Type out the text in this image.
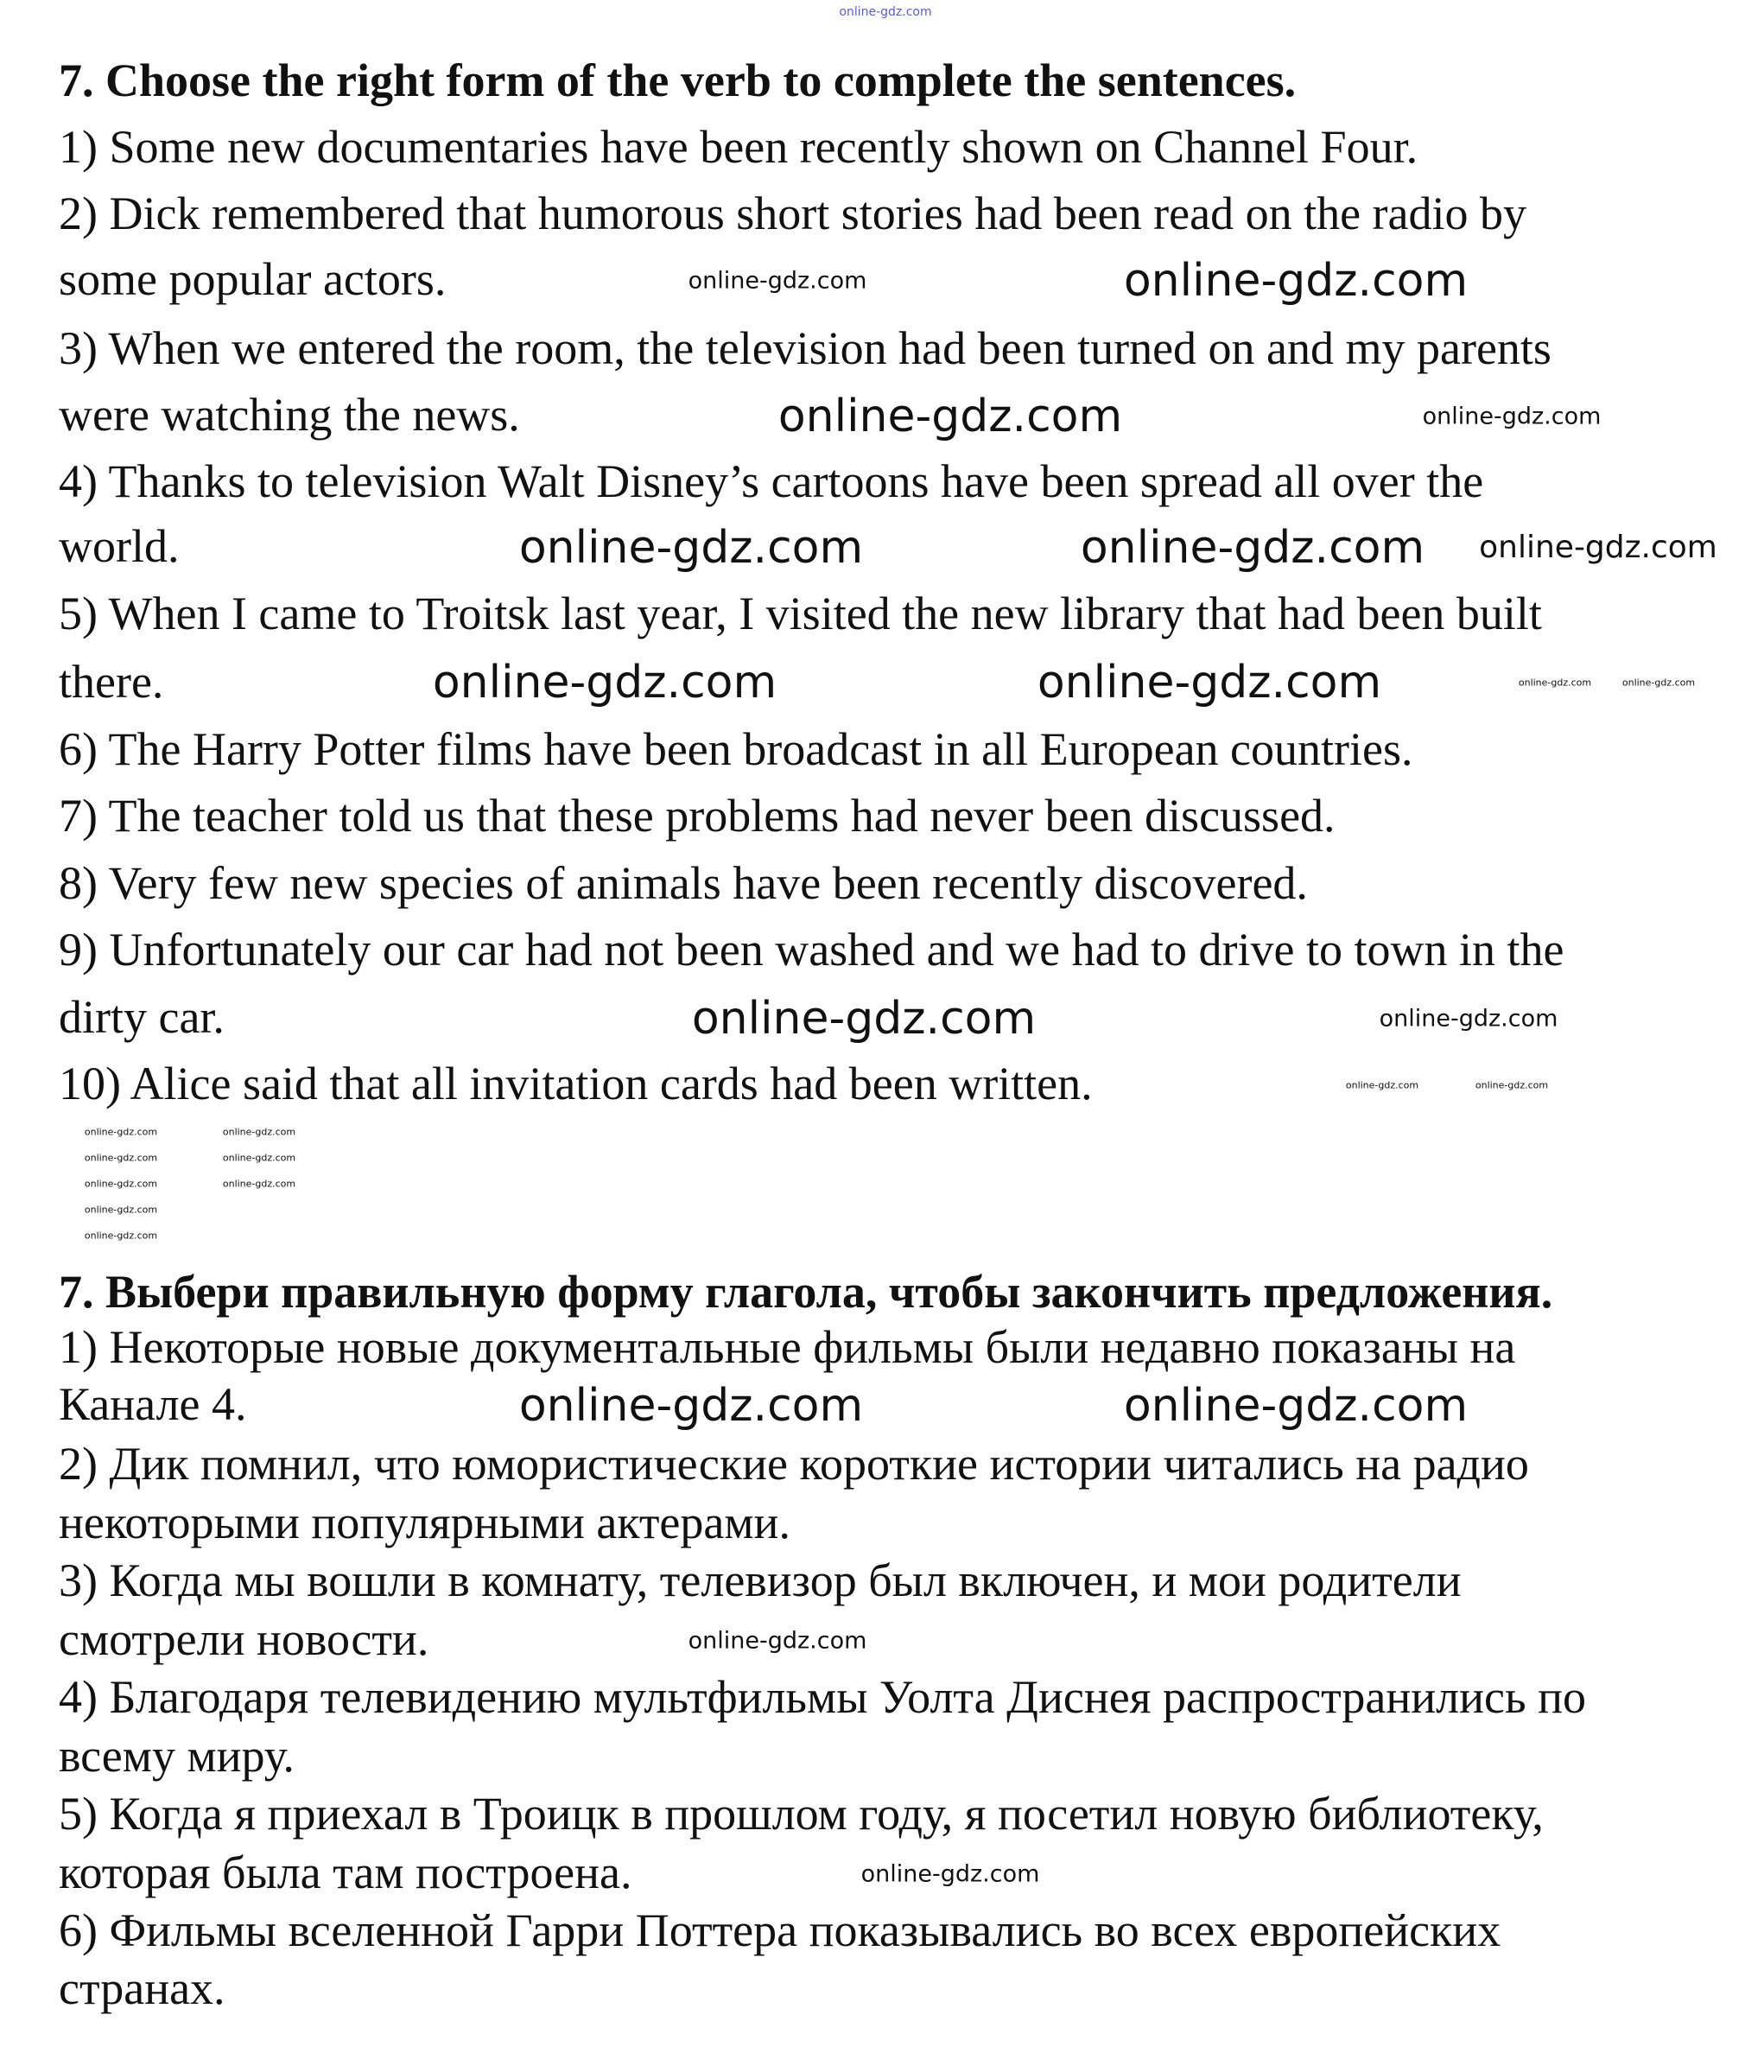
7. Choose the right form of the verb to complete the sentences.
1) Some new documentaries have been recently shown on Channel Four.
2) Dick remembered that humorous short stories had been read on the radio by
some popular actors.
3) When we entered the room, the television had been turned on and my parents
were watching the news.
4) Thanks to television Walt Disney’s cartoons have been spread all over the
world.
5) When I came to Troitsk last year, I visited the new library that had been built
there.
6) The Harry Potter films have been broadcast in all European countries.
7) The teacher told us that these problems had never been discussed.
8) Very few new species of animals have been recently discovered.
9) Unfortunately our car had not been washed and we had to drive to town in the
dirty car.
10) Alice said that all invitation cards had been written.
7. Выбери правильную форму глагола, чтобы закончить предложения.
1) Некоторые новые документальные фильмы были недавно показаны на
Канале 4.
2) Дик помнил, что юмористические короткие истории читались на радио
некоторыми популярными актерами.
3) Когда мы вошли в комнату, телевизор был включен, и мои родители
смотрели новости.
4) Благодаря телевидению мультфильмы Уолта Диснея распространились по
всему миру.
5) Когда я приехал в Троицк в прошлом году, я посетил новую библиотеку,
которая была там построена.
6) Фильмы вселенной Гарри Поттера показывались во всех европейских
странах.
online-gdz.com
online-gdz.com
online-gdz.com
online-gdz.com	online-gdz.com
online-gdz.com	online-gdz.com online-gdz.com
online-gdz.com	online-gdz.com	online-gdz.com	online-gdz.com
online-gdz.com	online-gdz.com
online-gdz.com	online-gdz.com
online-gdz.com
online-gdz.com
online-gdz.com
online-gdz.com
online-gdz.com
online-gdz.com
online-gdz.com
online-gdz.com
online-gdz.com	online-gdz.com
online-gdz.com
online-gdz.com
